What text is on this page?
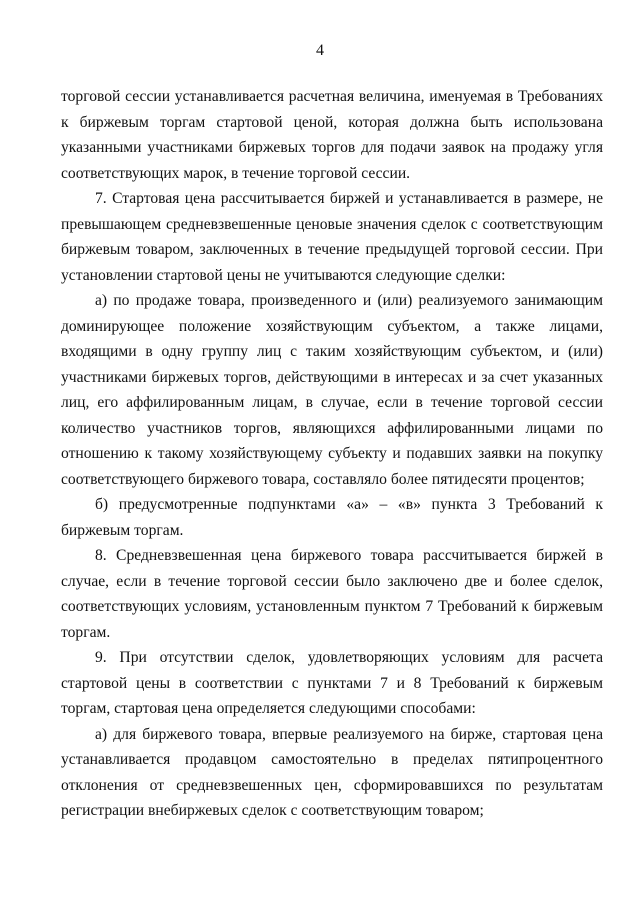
4

торговой сессии устанавливается расчетная величина, именуемая в Требованиях к биржевым торгам стартовой ценой, которая должна быть использована указанными участниками биржевых торгов для подачи заявок на продажу угля соответствующих марок, в течение торговой сессии.

7. Стартовая цена рассчитывается биржей и устанавливается в размере, не превышающем средневзвешенные ценовые значения сделок с соответствующим биржевым товаром, заключенных в течение предыдущей торговой сессии. При установлении стартовой цены не учитываются следующие сделки:

а) по продаже товара, произведенного и (или) реализуемого занимающим доминирующее положение хозяйствующим субъектом, а также лицами, входящими в одну группу лиц с таким хозяйствующим субъектом, и (или) участниками биржевых торгов, действующими в интересах и за счет указанных лиц, его аффилированным лицам, в случае, если в течение торговой сессии количество участников торгов, являющихся аффилированными лицами по отношению к такому хозяйствующему субъекту и подавших заявки на покупку соответствующего биржевого товара, составляло более пятидесяти процентов;

б) предусмотренные подпунктами «а» – «в» пункта 3 Требований к биржевым торгам.

8. Средневзвешенная цена биржевого товара рассчитывается биржей в случае, если в течение торговой сессии было заключено две и более сделок, соответствующих условиям, установленным пунктом 7 Требований к биржевым торгам.

9. При отсутствии сделок, удовлетворяющих условиям для расчета стартовой цены в соответствии с пунктами 7 и 8 Требований к биржевым торгам, стартовая цена определяется следующими способами:

а) для биржевого товара, впервые реализуемого на бирже, стартовая цена устанавливается продавцом самостоятельно в пределах пятипроцентного отклонения от средневзвешенных цен, сформировавшихся по результатам регистрации внебиржевых сделок с соответствующим товаром;
